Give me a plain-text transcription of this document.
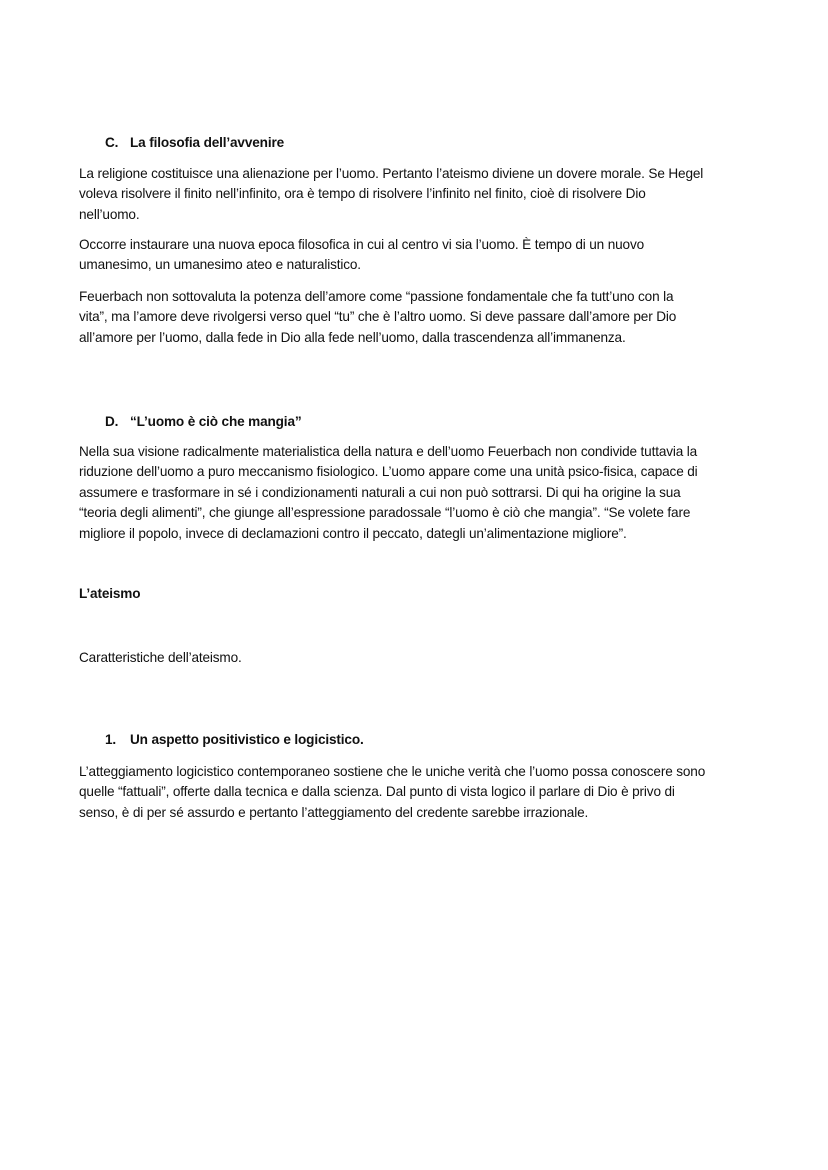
C. La filosofia dell’avvenire
La religione costituisce una alienazione per l’uomo. Pertanto l’ateismo diviene un dovere morale. Se Hegel
voleva risolvere il finito nell’infinito, ora è tempo di risolvere l’infinito nel finito, cioè di risolvere Dio
nell’uomo.
Occorre instaurare una nuova epoca filosofica in cui al centro vi sia l’uomo. È tempo di un nuovo
umanesimo, un umanesimo ateo e naturalistico.
Feuerbach non sottovaluta la potenza dell’amore come “passione fondamentale che fa tutt’uno con la
vita”, ma l’amore deve rivolgersi verso quel “tu” che è l’altro uomo. Si deve passare dall’amore per Dio
all’amore per l’uomo, dalla fede in Dio alla fede nell’uomo, dalla trascendenza all’immanenza.
D. “L’uomo è ciò che mangia”
Nella sua visione radicalmente materialistica della natura e dell’uomo Feuerbach non condivide tuttavia la
riduzione dell’uomo a puro meccanismo fisiologico. L’uomo appare come una unità psico-fisica, capace di
assumere e trasformare in sé i condizionamenti naturali a cui non può sottrarsi. Di qui ha origine la sua
“teoria degli alimenti”, che giunge all’espressione paradossale “l’uomo è ciò che mangia”. “Se volete fare
migliore il popolo, invece di declamazioni contro il peccato, dategli un’alimentazione migliore”.
L’ateismo
Caratteristiche dell’ateismo.
1. Un aspetto positivistico e logicistico.
L’atteggiamento logicistico contemporaneo sostiene che le uniche verità che l’uomo possa conoscere sono
quelle “fattuali”, offerte dalla tecnica e dalla scienza. Dal punto di vista logico il parlare di Dio è privo di
senso, è di per sé assurdo e pertanto l’atteggiamento del credente sarebbe irrazionale.
